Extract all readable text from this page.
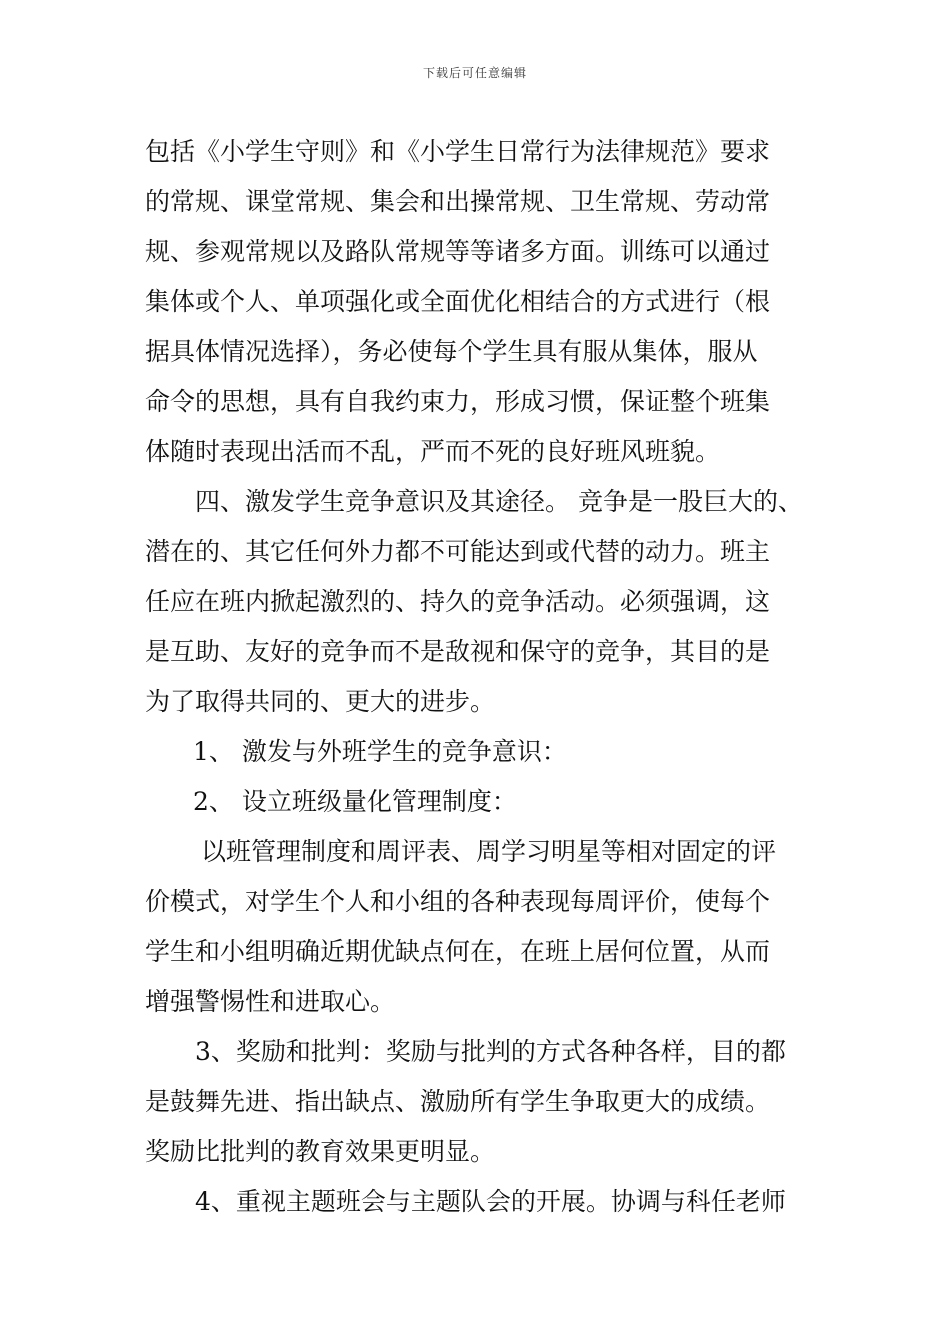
下载后可任意编辑
包括《小学生守则》和《小学生日常行为法律规范》要求
的常规、课堂常规、集会和出操常规、卫生常规、劳动常
规、参观常规以及路队常规等等诸多方面。训练可以通过
集体或个人、单项强化或全面优化相结合的方式进行（根
据具体情况选择），务必使每个学生具有服从集体，服从
命令的思想，具有自我约束力，形成习惯，保证整个班集
体随时表现出活而不乱，严而不死的良好班风班貌。
四、激发学生竞争意识及其途径。 竞争是一股巨大的、
潜在的、其它任何外力都不可能达到或代替的动力。班主
任应在班内掀起激烈的、持久的竞争活动。必须强调，这
是互助、友好的竞争而不是敌视和保守的竞争，其目的是
为了取得共同的、更大的进步。
1、 激发与外班学生的竞争意识：
2、 设立班级量化管理制度：
以班管理制度和周评表、周学习明星等相对固定的评
价模式，对学生个人和小组的各种表现每周评价，使每个
学生和小组明确近期优缺点何在，在班上居何位置，从而
增强警惕性和进取心。
3、奖励和批判：奖励与批判的方式各种各样，目的都
是鼓舞先进、指出缺点、激励所有学生争取更大的成绩。
奖励比批判的教育效果更明显。
4、重视主题班会与主题队会的开展。协调与科任老师
